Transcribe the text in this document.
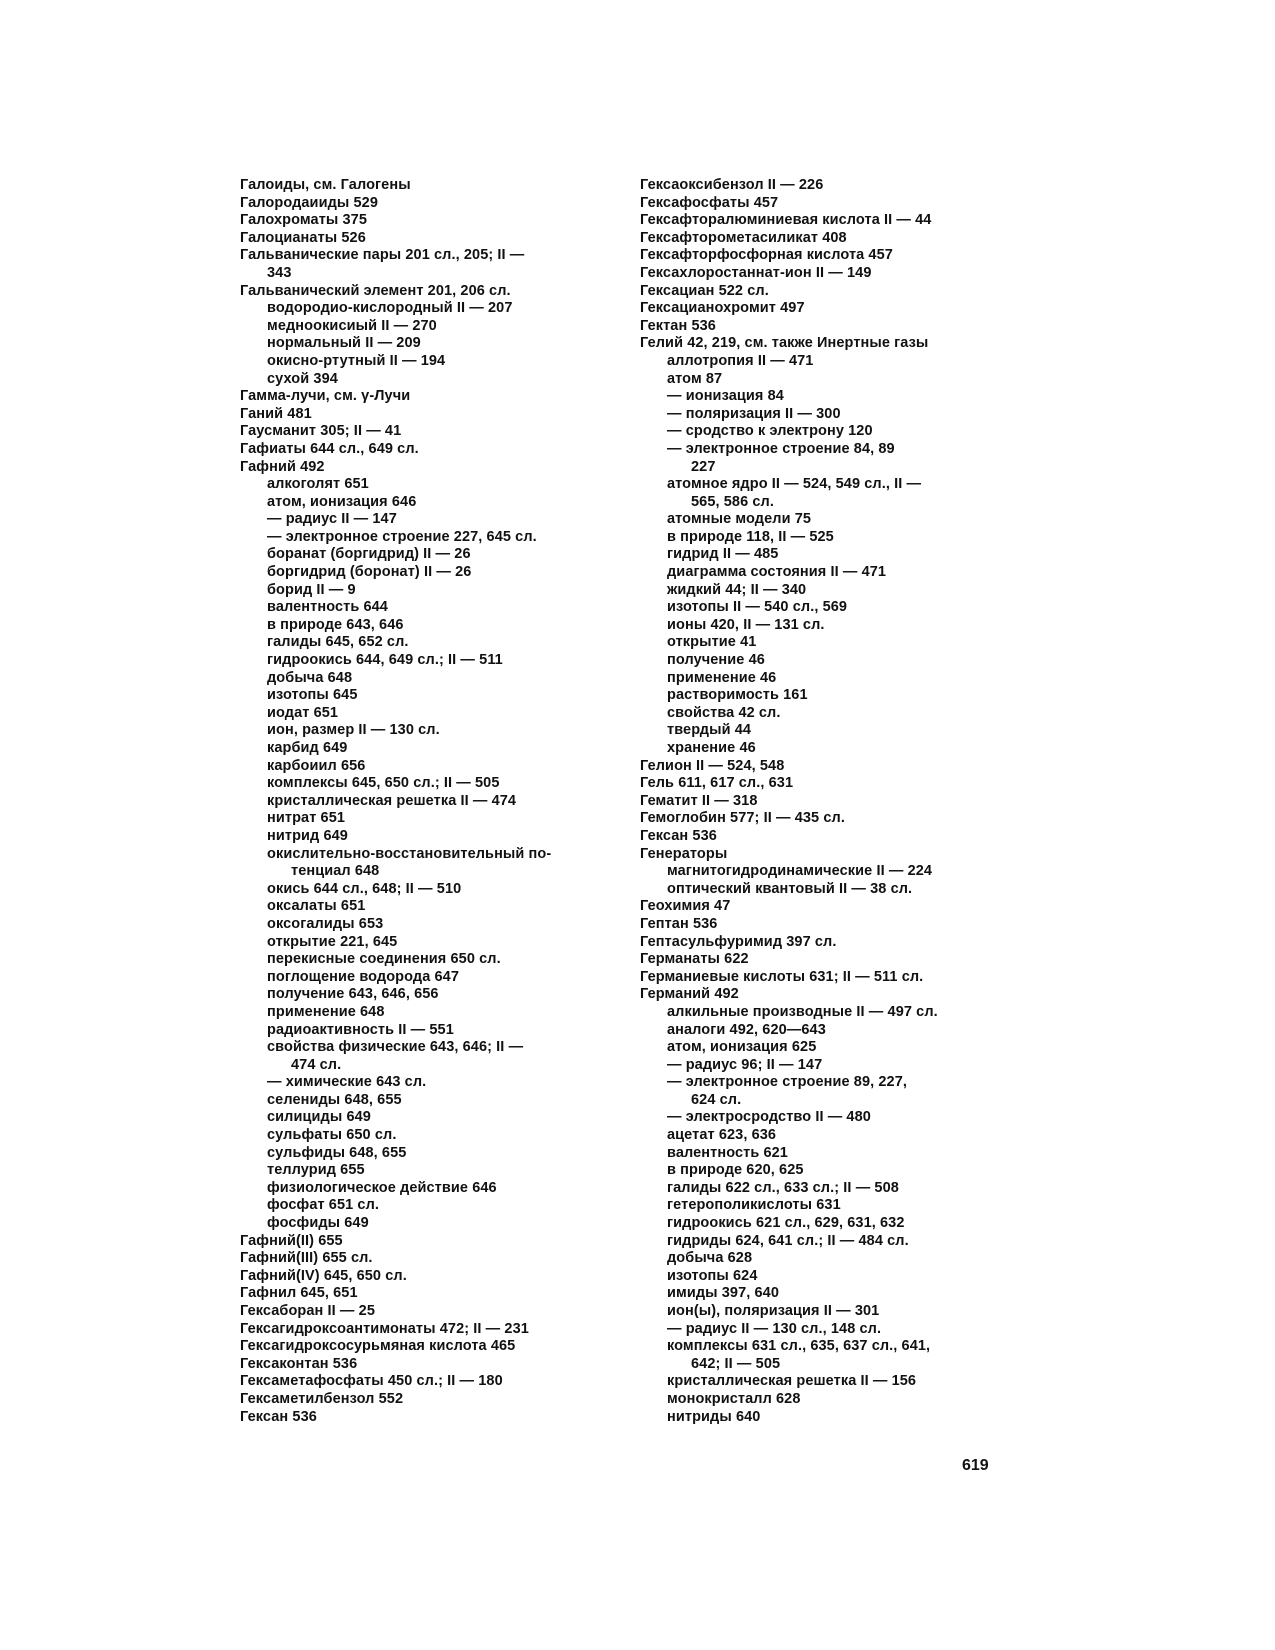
Галоиды, см. Галогены
Галородаииды 529
Галохроматы 375
Галоцианаты 526
Гальванические пары 201 сл., 205; II —
343
Гальванический элемент 201, 206 сл.
водородио-кислородный II — 207
медноокисиый II — 270
нормальный II — 209
окисно-ртутный II — 194
сухой 394
Гамма-лучи, см. γ-Лучи
Ганий 481
Гаусманит 305; II — 41
Гафиаты 644 сл., 649 сл.
Гафний 492
алкоголят 651
атом, ионизация 646
— радиус II — 147
— электронное строение 227, 645 сл.
боранат (боргидрид) II — 26
боргидрид (боронат) II — 26
борид II — 9
валентность 644
в природе 643, 646
галиды 645, 652 сл.
гидроокись 644, 649 сл.; II — 511
добыча 648
изотопы 645
иодат 651
ион, размер II — 130 сл.
карбид 649
карбоиил 656
комплексы 645, 650 сл.; II — 505
кристаллическая решетка II — 474
нитрат 651
нитрид 649
окислительно-восстановительный по-
тенциал 648
окись 644 сл., 648; II — 510
оксалаты 651
оксогалиды 653
открытие 221, 645
перекисные соединения 650 сл.
поглощение водорода 647
получение 643, 646, 656
применение 648
радиоактивность II — 551
свойства физические 643, 646; II —
474 сл.
— химические 643 сл.
селениды 648, 655
силициды 649
сульфаты 650 сл.
сульфиды 648, 655
теллурид 655
физиологическое действие 646
фосфат 651 сл.
фосфиды 649
Гафний(II) 655
Гафний(III) 655 сл.
Гафний(IV) 645, 650 сл.
Гафнил 645, 651
Гексаборан II — 25
Гексагидроксоантимонаты 472; II — 231
Гексагидроксосурьмяная кислота 465
Гексаконтан 536
Гексаметафосфаты 450 сл.; II — 180
Гексаметилбензол 552
Гексан 536
Гексаоксибензол II — 226
Гексафосфаты 457
Гексафторалюминиевая кислота II — 44
Гексафторометасиликат 408
Гексафторфосфорная кислота 457
Гексахлоростаннат-ион II — 149
Гексациан 522 сл.
Гексацианохромит 497
Гектан 536
Гелий 42, 219, см. также Инертные газы
аллотропия II — 471
атом 87
— ионизация 84
— поляризация II — 300
— сродство к электрону 120
— электронное строение 84, 89
227
атомное ядро II — 524, 549 сл., II —
565, 586 сл.
атомные модели 75
в природе 118, II — 525
гидрид II — 485
диаграмма состояния II — 471
жидкий 44; II — 340
изотопы II — 540 сл., 569
ионы 420, II — 131 сл.
открытие 41
получение 46
применение 46
растворимость 161
свойства 42 сл.
твердый 44
хранение 46
Гелион II — 524, 548
Гель 611, 617 сл., 631
Гематит II — 318
Гемоглобин 577; II — 435 сл.
Гексан 536
Генераторы
магнитогидродинамические II — 224
оптический квантовый II — 38 сл.
Геохимия 47
Гептан 536
Гептасульфуримид 397 сл.
Германаты 622
Германиевые кислоты 631; II — 511 сл.
Германий 492
алкильные производные II — 497 сл.
аналоги 492, 620—643
атом, ионизация 625
— радиус 96; II — 147
— электронное строение 89, 227,
624 сл.
— электросродство II — 480
ацетат 623, 636
валентность 621
в природе 620, 625
галиды 622 сл., 633 сл.; II — 508
гетерополикислоты 631
гидроокись 621 сл., 629, 631, 632
гидриды 624, 641 сл.; II — 484 сл.
добыча 628
изотопы 624
имиды 397, 640
ион(ы), поляризация II — 301
— радиус II — 130 сл., 148 сл.
комплексы 631 сл., 635, 637 сл., 641,
642; II — 505
кристаллическая решетка II — 156
монокристалл 628
нитриды 640
619
